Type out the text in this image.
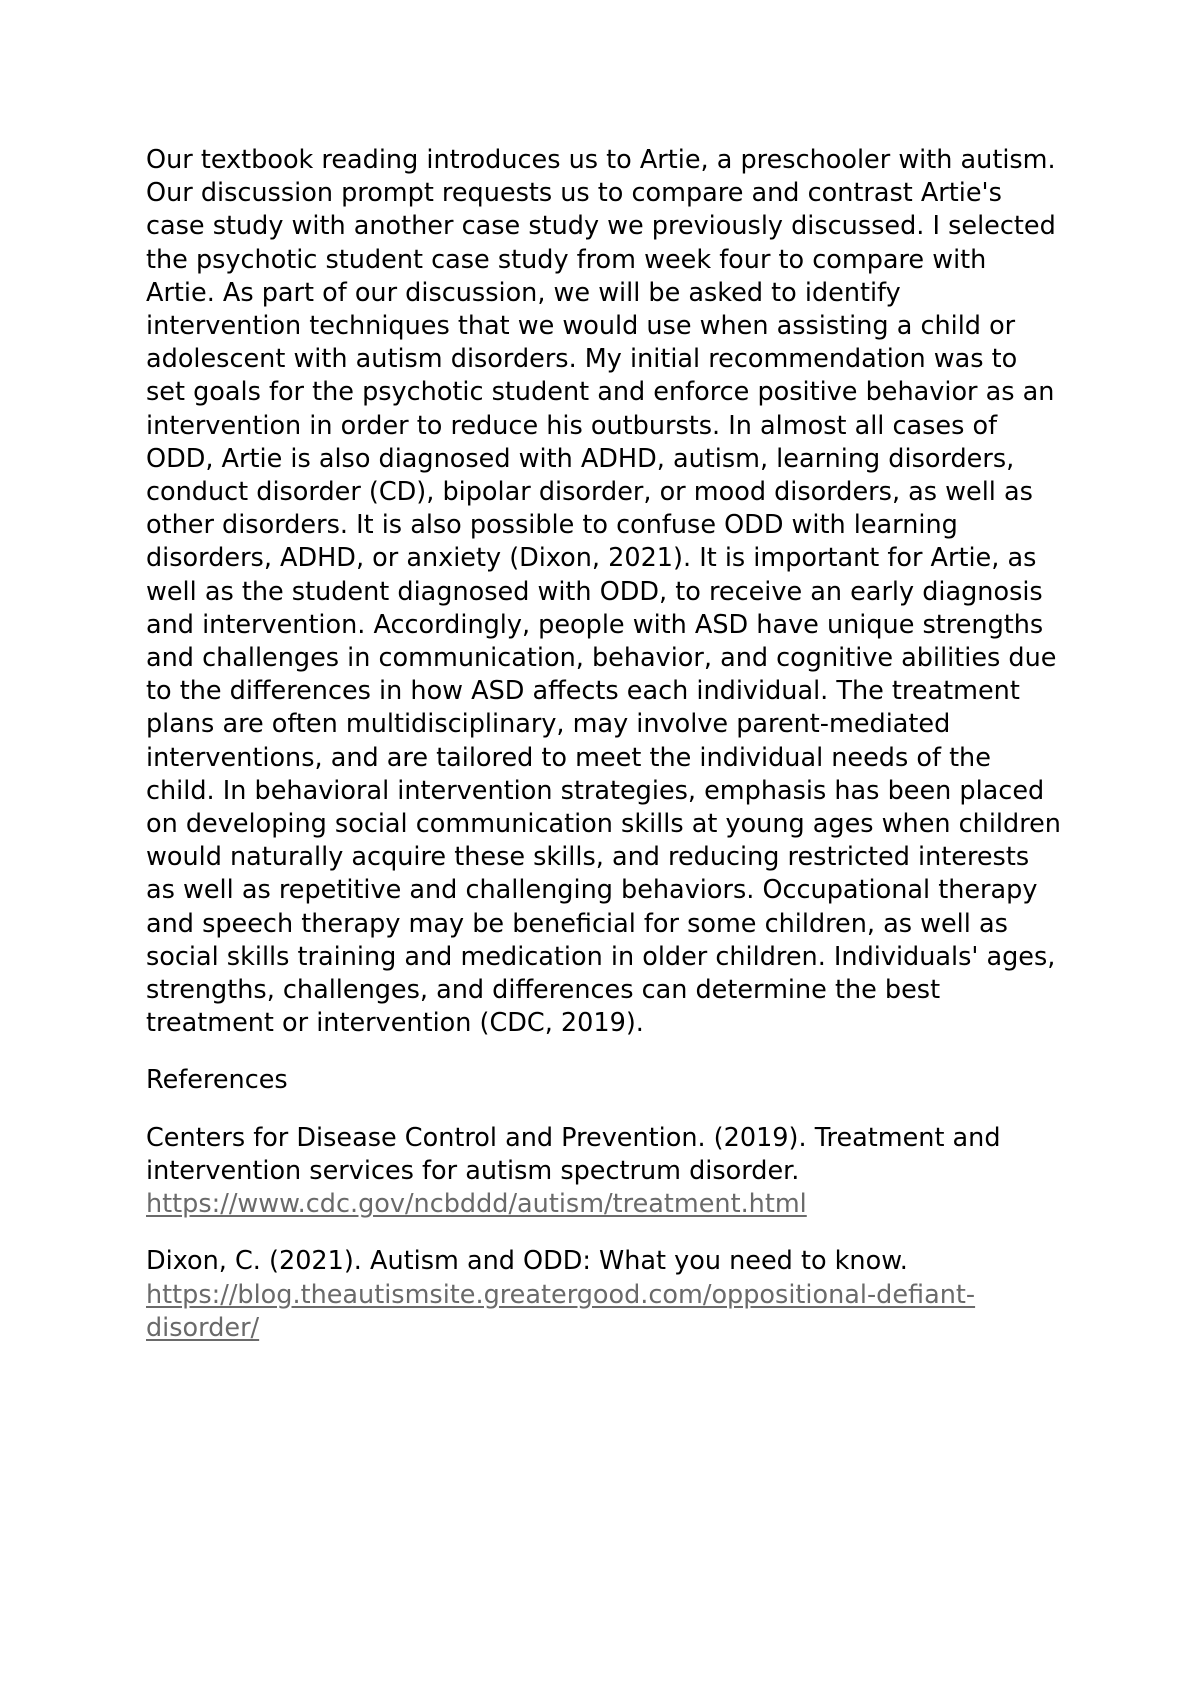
Our textbook reading introduces us to Artie, a preschooler with autism. Our discussion prompt requests us to compare and contrast Artie's case study with another case study we previously discussed. I selected the psychotic student case study from week four to compare with Artie. As part of our discussion, we will be asked to identify intervention techniques that we would use when assisting a child or adolescent with autism disorders. My initial recommendation was to set goals for the psychotic student and enforce positive behavior as an intervention in order to reduce his outbursts. In almost all cases of ODD, Artie is also diagnosed with ADHD, autism, learning disorders, conduct disorder (CD), bipolar disorder, or mood disorders, as well as other disorders. It is also possible to confuse ODD with learning disorders, ADHD, or anxiety (Dixon, 2021). It is important for Artie, as well as the student diagnosed with ODD, to receive an early diagnosis and intervention. Accordingly, people with ASD have unique strengths and challenges in communication, behavior, and cognitive abilities due to the differences in how ASD affects each individual. The treatment plans are often multidisciplinary, may involve parent-mediated interventions, and are tailored to meet the individual needs of the child. In behavioral intervention strategies, emphasis has been placed on developing social communication skills at young ages when children would naturally acquire these skills, and reducing restricted interests as well as repetitive and challenging behaviors. Occupational therapy and speech therapy may be beneficial for some children, as well as social skills training and medication in older children. Individuals' ages, strengths, challenges, and differences can determine the best treatment or intervention (CDC, 2019).

References

Centers for Disease Control and Prevention. (2019). Treatment and intervention services for autism spectrum disorder.
https://www.cdc.gov/ncbddd/autism/treatment.html

Dixon, C. (2021). Autism and ODD: What you need to know.
https://blog.theautismsite.greatergood.com/oppositional-defiant-disorder/
